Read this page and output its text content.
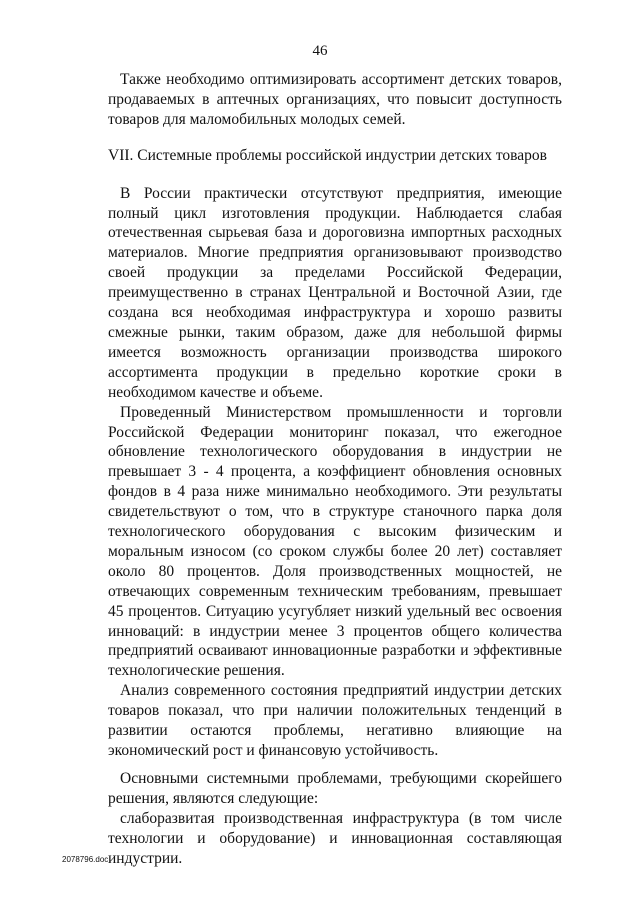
46

Также необходимо оптимизировать ассортимент детских товаров, продаваемых в аптечных организациях, что повысит доступность товаров для маломобильных молодых семей.

VII. Системные проблемы российской индустрии детских товаров

В России практически отсутствуют предприятия, имеющие полный цикл изготовления продукции. Наблюдается слабая отечественная сырьевая база и дороговизна импортных расходных материалов. Многие предприятия организовывают производство своей продукции за пределами Российской Федерации, преимущественно в странах Центральной и Восточной Азии, где создана вся необходимая инфраструктура и хорошо развиты смежные рынки, таким образом, даже для небольшой фирмы имеется возможность организации производства широкого ассортимента продукции в предельно короткие сроки в необходимом качестве и объеме.

Проведенный Министерством промышленности и торговли Российской Федерации мониторинг показал, что ежегодное обновление технологического оборудования в индустрии не превышает 3 - 4 процента, а коэффициент обновления основных фондов в 4 раза ниже минимально необходимого. Эти результаты свидетельствуют о том, что в структуре станочного парка доля технологического оборудования с высоким физическим и моральным износом (со сроком службы более 20 лет) составляет около 80 процентов. Доля производственных мощностей, не отвечающих современным техническим требованиям, превышает 45 процентов. Ситуацию усугубляет низкий удельный вес освоения инноваций: в индустрии менее 3 процентов общего количества предприятий осваивают инновационные разработки и эффективные технологические решения.

Анализ современного состояния предприятий индустрии детских товаров показал, что при наличии положительных тенденций в развитии остаются проблемы, негативно влияющие на экономический рост и финансовую устойчивость.

Основными системными проблемами, требующими скорейшего решения, являются следующие:

слаборазвитая производственная инфраструктура (в том числе технологии и оборудование) и инновационная составляющая индустрии.

2078796.doc
